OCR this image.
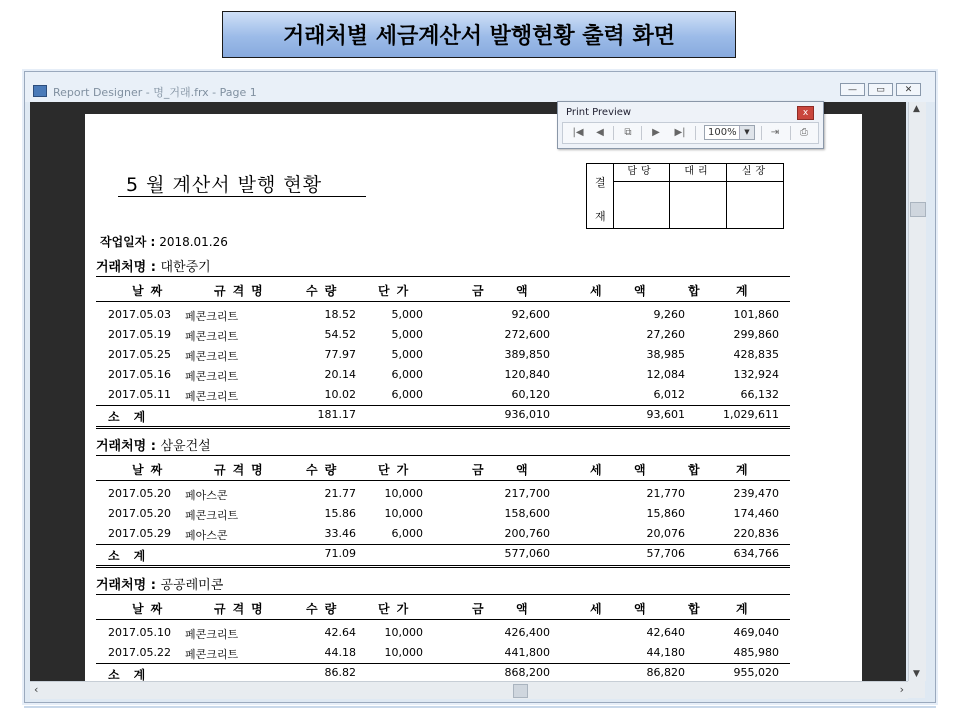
거래처별 세금계산서 발행현황 출력 화면
Report Designer - 명_거래.frx - Page 1	—	▭	✕
5 월 계산서 발행 현황	결
재
담당	대리	실장
작업일자 : 2018.01.26
거래처명 : 대한중기
날짜	규격명	수량	단가	금 액	세 액	합 계
2017.05.03 페콘크리트	18.52	5,000	92,600	9,260	101,860
2017.05.19 페콘크리트	54.52	5,000	272,600	27,260	299,860
2017.05.25 페콘크리트	77.97	5,000	389,850	38,985	428,835
2017.05.16 페콘크리트	20.14	6,000	120,840	12,084	132,924
2017.05.11 페콘크리트	10.02	6,000	60,120	6,012	66,132
소계	181.17	936,010	93,601	1,029,611
거래처명 : 삼윤건설
날짜	규격명	수량	단가	금 액	세 액	합 계
2017.05.20 페아스콘	21.77	10,000	217,700	21,770	239,470
2017.05.20 페콘크리트	15.86	10,000	158,600	15,860	174,460
2017.05.29 페아스콘	33.46	6,000	200,760	20,076	220,836
소계	71.09	577,060	57,706	634,766
거래처명 : 공공레미콘
날짜	규격명	수량	단가	금 액	세 액	합 계
2017.05.10 페콘크리트	42.64	10,000	426,400	42,640	469,040
2017.05.22 페콘크리트	44.18	10,000	441,800	44,180	485,980
소계	86.82	868,200	86,820	955,020
▲
▼
‹	›
Print Preview	x
|◀	◀	⧉	▶	▶|	100%	▼	⇥	⎙
